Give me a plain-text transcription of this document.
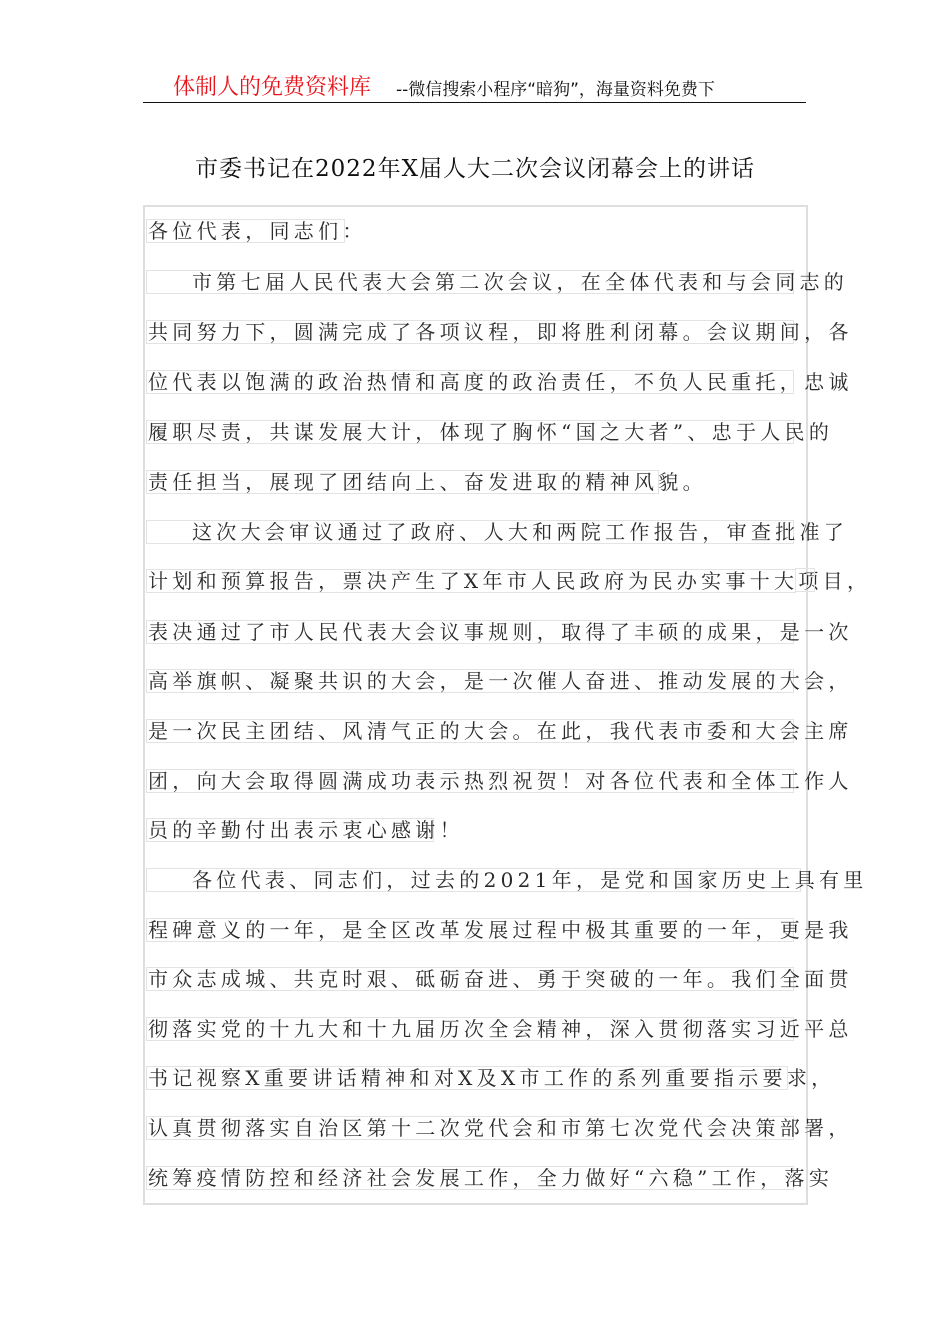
体制人的免费资料库 --微信搜索小程序“暗狗”，海量资料免费下
市委书记在2022年X届人大二次会议闭幕会上的讲话
各位代表，同志们：
市第七届人民代表大会第二次会议，在全体代表和与会同志的
共同努力下，圆满完成了各项议程，即将胜利闭幕。会议期间，各
位代表以饱满的政治热情和高度的政治责任，不负人民重托，忠诚
履职尽责，共谋发展大计，体现了胸怀“国之大者”、忠于人民的
责任担当，展现了团结向上、奋发进取的精神风貌。
这次大会审议通过了政府、人大和两院工作报告，审查批准了
计划和预算报告，票决产生了X年市人民政府为民办实事十大项目，
表决通过了市人民代表大会议事规则，取得了丰硕的成果，是一次
高举旗帜、凝聚共识的大会，是一次催人奋进、推动发展的大会，
是一次民主团结、风清气正的大会。在此，我代表市委和大会主席
团，向大会取得圆满成功表示热烈祝贺！对各位代表和全体工作人
员的辛勤付出表示衷心感谢！
各位代表、同志们，过去的2021年，是党和国家历史上具有里
程碑意义的一年，是全区改革发展过程中极其重要的一年，更是我
市众志成城、共克时艰、砥砺奋进、勇于突破的一年。我们全面贯
彻落实党的十九大和十九届历次全会精神，深入贯彻落实习近平总
书记视察X重要讲话精神和对X及X市工作的系列重要指示要求，
认真贯彻落实自治区第十二次党代会和市第七次党代会决策部署，
统筹疫情防控和经济社会发展工作，全力做好“六稳”工作，落实
